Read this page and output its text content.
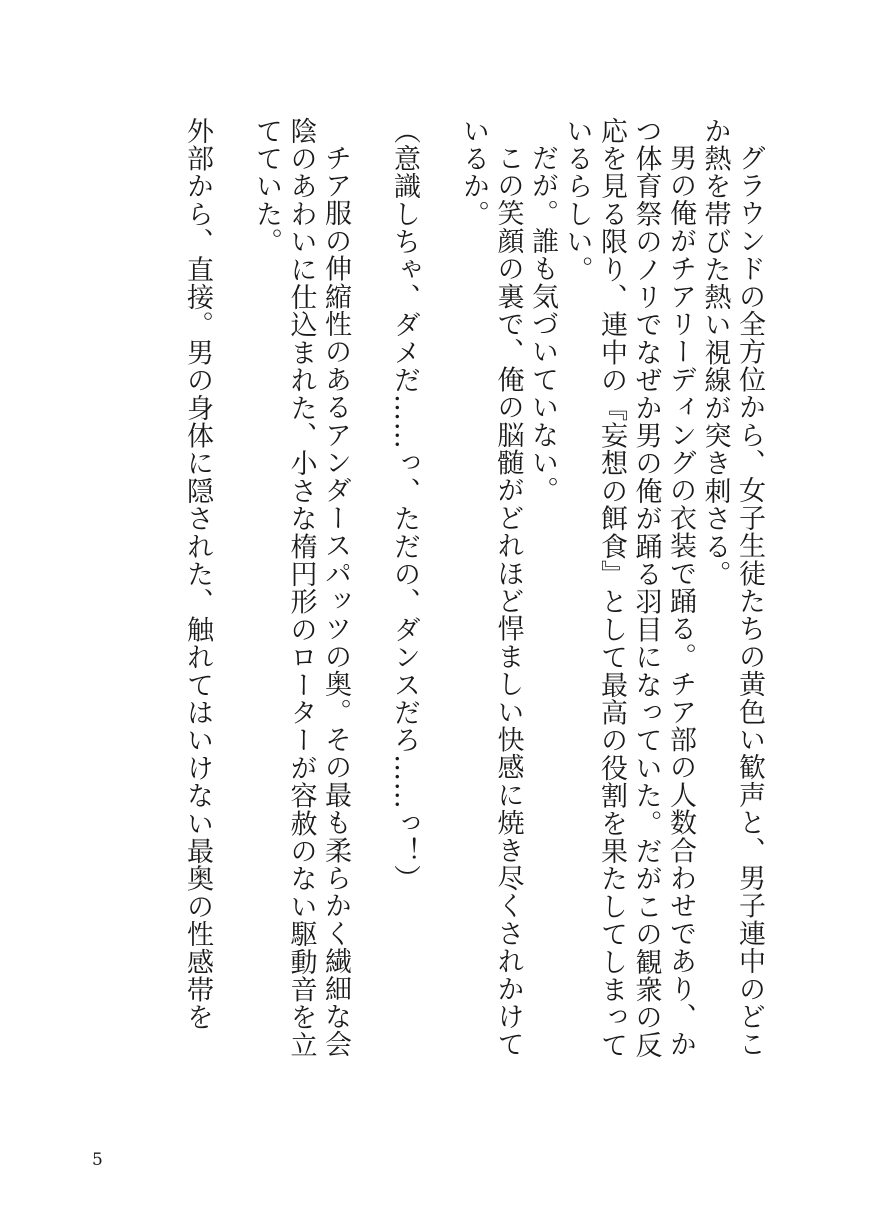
グラウンドの全方位から、女子生徒たちの黄色い歓声と、男子連中のどこか熱を帯びた熱い視線が突き刺さる。

男の俺がチアリーディングの衣装で踊る。チア部の人数合わせであり、かつ体育祭のノリでなぜか男の俺が踊る羽目になっていた。だがこの観衆の反応を見る限り、連中の『妄想の餌食』として最高の役割を果たしてしまっているらしい。

だが。誰も気づいていない。

この笑顔の裏で、俺の脳髄がどれほど悍ましい快感に焼き尽くされかけているか。

（意識しちゃ、ダメだ……っ、ただの、ダンスだろ……っ！）

チア服の伸縮性のあるアンダースパッツの奥。その最も柔らかく繊細な会陰のあわいに仕込まれた、小さな楕円形のローターが容赦のない駆動音を立てていた。

外部から、直接。男の身体に隠された、触れてはいけない最奥の性感帯を

5
